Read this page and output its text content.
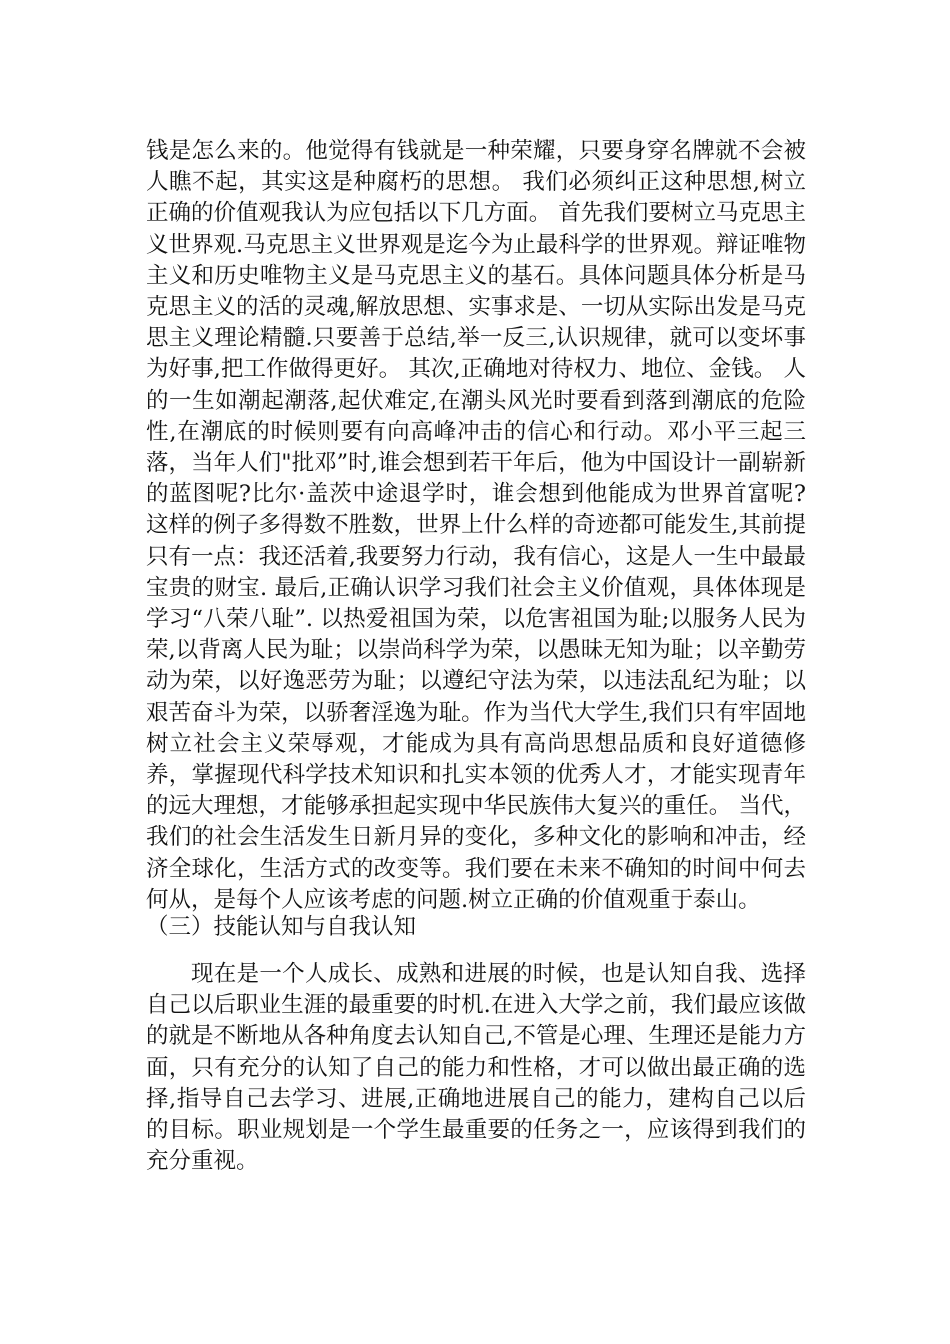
钱是怎么来的。他觉得有钱就是一种荣耀，只要身穿名牌就不会被人瞧不起，其实这是种腐朽的思想。 我们必须纠正这种思想,树立正确的价值观我认为应包括以下几方面。 首先我们要树立马克思主义世界观.马克思主义世界观是迄今为止最科学的世界观。辩证唯物主义和历史唯物主义是马克思主义的基石。具体问题具体分析是马克思主义的活的灵魂,解放思想、实事求是、一切从实际出发是马克思主义理论精髓.只要善于总结,举一反三,认识规律，就可以变坏事为好事,把工作做得更好。 其次,正确地对待权力、地位、金钱。 人的一生如潮起潮落,起伏难定,在潮头风光时要看到落到潮底的危险性,在潮底的时候则要有向高峰冲击的信心和行动。邓小平三起三落，当年人们"批邓”时,谁会想到若干年后，他为中国设计一副崭新的蓝图呢?比尔·盖茨中途退学时，谁会想到他能成为世界首富呢?这样的例子多得数不胜数，世界上什么样的奇迹都可能发生,其前提只有一点：我还活着,我要努力行动，我有信心，这是人一生中最最宝贵的财宝. 最后,正确认识学习我们社会主义价值观，具体体现是学习“八荣八耻”. 以热爱祖国为荣，以危害祖国为耻;以服务人民为荣,以背离人民为耻；以崇尚科学为荣，以愚昧无知为耻；以辛勤劳动为荣，以好逸恶劳为耻；以遵纪守法为荣，以违法乱纪为耻；以艰苦奋斗为荣，以骄奢淫逸为耻。作为当代大学生,我们只有牢固地树立社会主义荣辱观，才能成为具有高尚思想品质和良好道德修养，掌握现代科学技术知识和扎实本领的优秀人才，才能实现青年的远大理想，才能够承担起实现中华民族伟大复兴的重任。 当代，我们的社会生活发生日新月异的变化，多种文化的影响和冲击，经济全球化，生活方式的改变等。我们要在未来不确知的时间中何去何从，是每个人应该考虑的问题.树立正确的价值观重于泰山。

（三）技能认知与自我认知

现在是一个人成长、成熟和进展的时候，也是认知自我、选择自己以后职业生涯的最重要的时机.在进入大学之前，我们最应该做的就是不断地从各种角度去认知自己,不管是心理、生理还是能力方面，只有充分的认知了自己的能力和性格，才可以做出最正确的选择,指导自己去学习、进展,正确地进展自己的能力，建构自己以后的目标。职业规划是一个学生最重要的任务之一，应该得到我们的充分重视。
